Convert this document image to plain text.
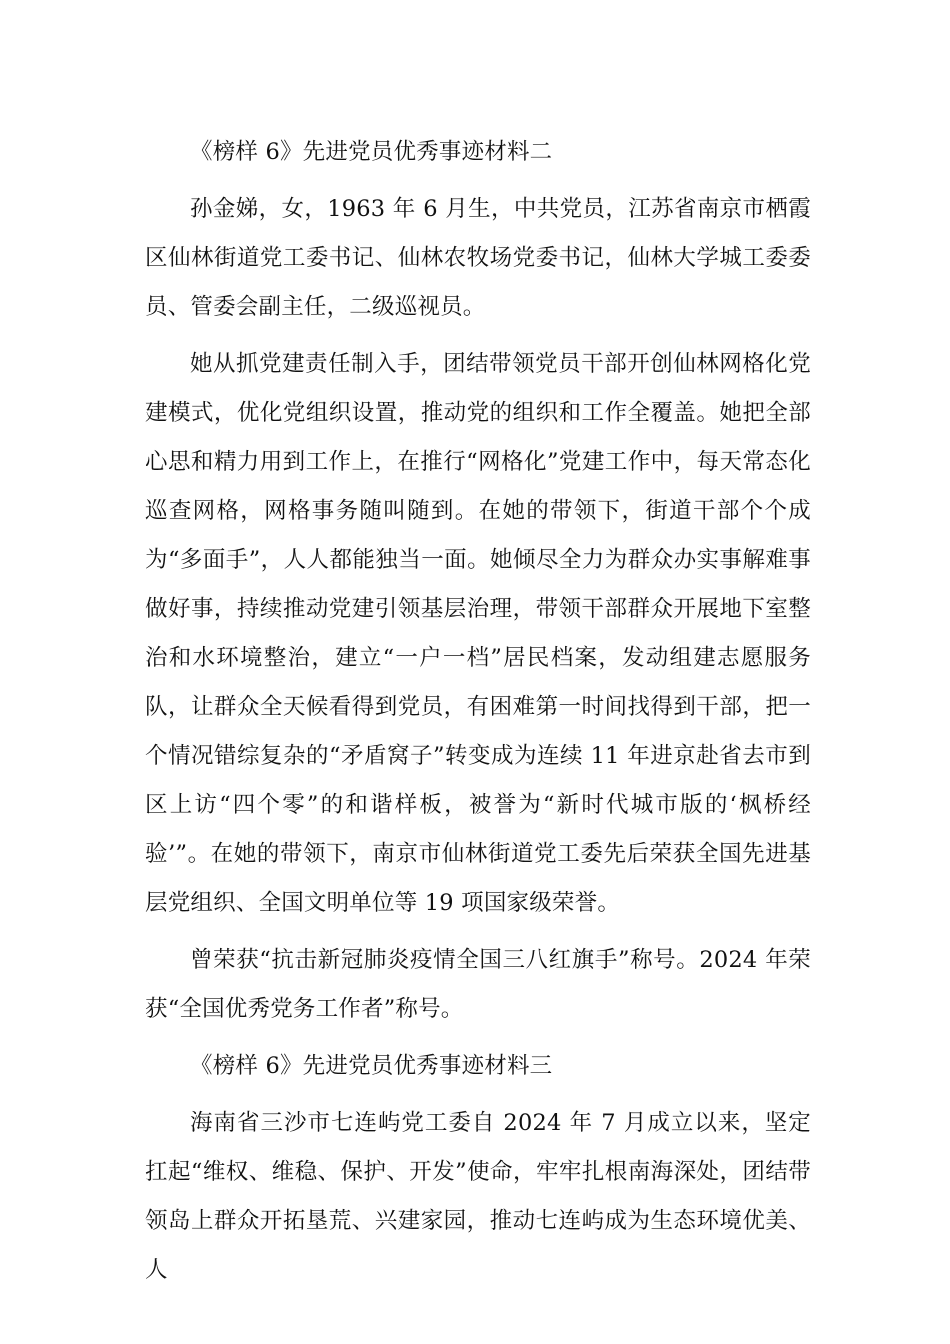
《榜样 6》先进党员优秀事迹材料二

孙金娣，女，1963 年 6 月生，中共党员，江苏省南京市栖霞区仙林街道党工委书记、仙林农牧场党委书记，仙林大学城工委委员、管委会副主任，二级巡视员。

她从抓党建责任制入手，团结带领党员干部开创仙林网格化党建模式，优化党组织设置，推动党的组织和工作全覆盖。她把全部心思和精力用到工作上，在推行“网格化”党建工作中，每天常态化巡查网格，网格事务随叫随到。在她的带领下，街道干部个个成为“多面手”，人人都能独当一面。她倾尽全力为群众办实事解难事做好事，持续推动党建引领基层治理，带领干部群众开展地下室整治和水环境整治，建立“一户一档”居民档案，发动组建志愿服务队，让群众全天候看得到党员，有困难第一时间找得到干部，把一个情况错综复杂的“矛盾窝子”转变成为连续 11 年进京赴省去市到区上访“四个零”的和谐样板，被誉为“新时代城市版的‘枫桥经验’”。在她的带领下，南京市仙林街道党工委先后荣获全国先进基层党组织、全国文明单位等 19 项国家级荣誉。

曾荣获“抗击新冠肺炎疫情全国三八红旗手”称号。2024 年荣获“全国优秀党务工作者”称号。

《榜样 6》先进党员优秀事迹材料三

海南省三沙市七连屿党工委自 2024 年 7 月成立以来，坚定扛起“维权、维稳、保护、开发”使命，牢牢扎根南海深处，团结带领岛上群众开拓垦荒、兴建家园，推动七连屿成为生态环境优美、人
